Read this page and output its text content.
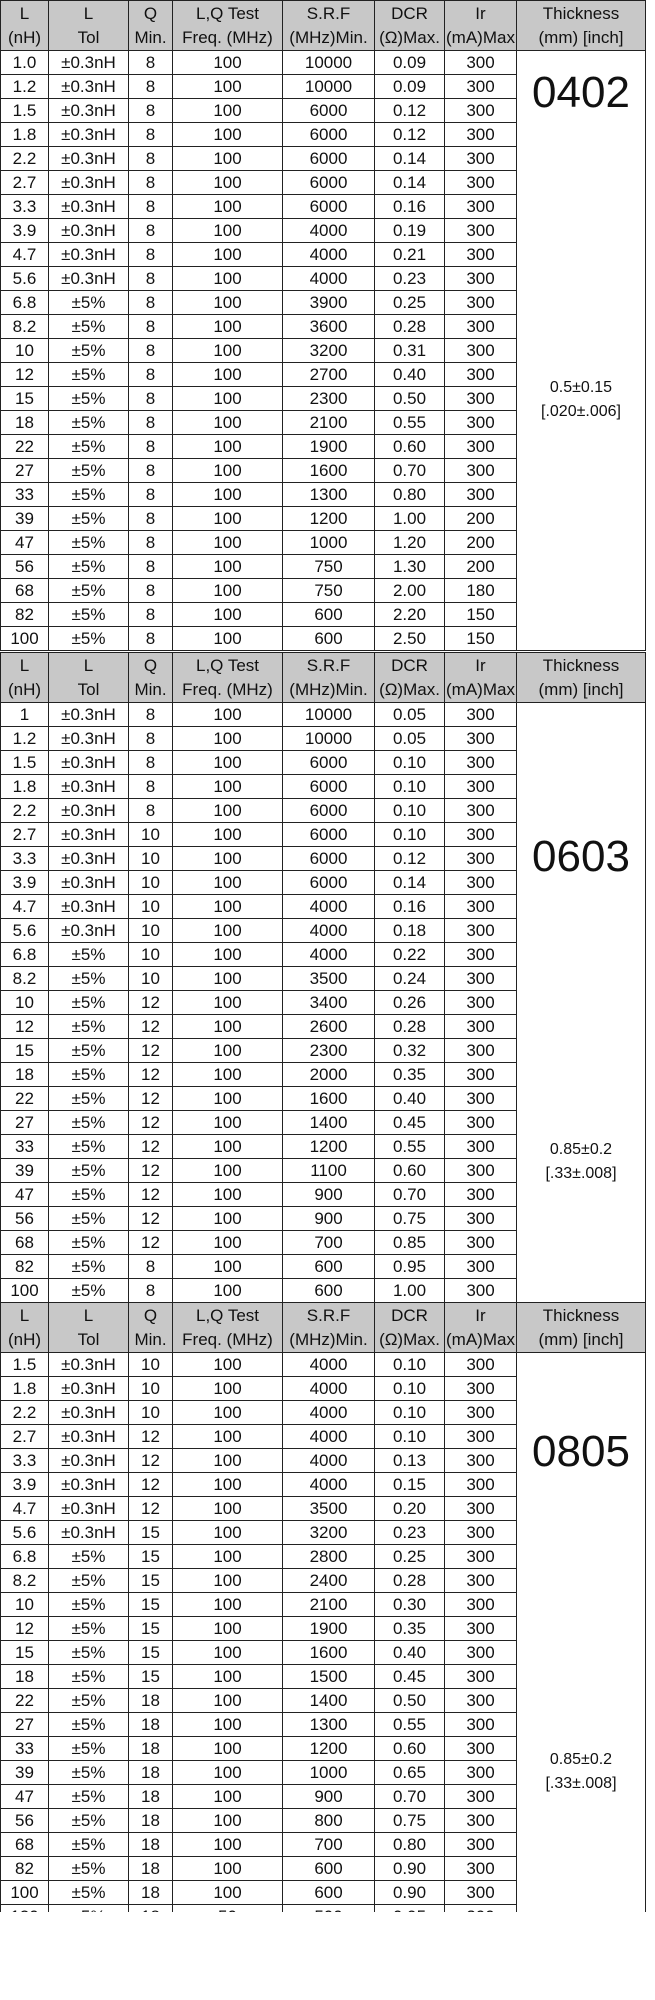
L	L	Q	L,Q Test	S.R.F	DCR	Ir	Thickness
(nH)	Tol	Min.	Freq. (MHz)	(MHz)Min.	(Ω)Max.	(mA)Max	(mm) [inch]
1.0	±0.3nH	8	100	10000	0.09	300	0402
0.5±0.15
[.020±.006]

1.2	±0.3nH	8	100	10000	0.09	300	
1.5	±0.3nH	8	100	6000	0.12	300	
1.8	±0.3nH	8	100	6000	0.12	300	
2.2	±0.3nH	8	100	6000	0.14	300	
2.7	±0.3nH	8	100	6000	0.14	300	
3.3	±0.3nH	8	100	6000	0.16	300	
3.9	±0.3nH	8	100	4000	0.19	300	
4.7	±0.3nH	8	100	4000	0.21	300	
5.6	±0.3nH	8	100	4000	0.23	300	
6.8	±5%	8	100	3900	0.25	300	
8.2	±5%	8	100	3600	0.28	300	
10	±5%	8	100	3200	0.31	300	
12	±5%	8	100	2700	0.40	300	
15	±5%	8	100	2300	0.50	300	
18	±5%	8	100	2100	0.55	300	
22	±5%	8	100	1900	0.60	300	
27	±5%	8	100	1600	0.70	300	
33	±5%	8	100	1300	0.80	300	
39	±5%	8	100	1200	1.00	200	
47	±5%	8	100	1000	1.20	200	
56	±5%	8	100	750	1.30	200	
68	±5%	8	100	750	2.00	180	
82	±5%	8	100	600	2.20	150	
100	±5%	8	100	600	2.50	150	
L	L	Q	L,Q Test	S.R.F	DCR	Ir	Thickness
(nH)	Tol	Min.	Freq. (MHz)	(MHz)Min.	(Ω)Max.	(mA)Max	(mm) [inch]
1	±0.3nH	8	100	10000	0.05	300	0603
0.85±0.2
[.33±.008]

1.2	±0.3nH	8	100	10000	0.05	300	
1.5	±0.3nH	8	100	6000	0.10	300	
1.8	±0.3nH	8	100	6000	0.10	300	
2.2	±0.3nH	8	100	6000	0.10	300	
2.7	±0.3nH	10	100	6000	0.10	300	
3.3	±0.3nH	10	100	6000	0.12	300	
3.9	±0.3nH	10	100	6000	0.14	300	
4.7	±0.3nH	10	100	4000	0.16	300	
5.6	±0.3nH	10	100	4000	0.18	300	
6.8	±5%	10	100	4000	0.22	300	
8.2	±5%	10	100	3500	0.24	300	
10	±5%	12	100	3400	0.26	300	
12	±5%	12	100	2600	0.28	300	
15	±5%	12	100	2300	0.32	300	
18	±5%	12	100	2000	0.35	300	
22	±5%	12	100	1600	0.40	300	
27	±5%	12	100	1400	0.45	300	
33	±5%	12	100	1200	0.55	300	
39	±5%	12	100	1100	0.60	300	
47	±5%	12	100	900	0.70	300	
56	±5%	12	100	900	0.75	300	
68	±5%	12	100	700	0.85	300	
82	±5%	8	100	600	0.95	300	
100	±5%	8	100	600	1.00	300	
L	L	Q	L,Q Test	S.R.F	DCR	Ir	Thickness
(nH)	Tol	Min.	Freq. (MHz)	(MHz)Min.	(Ω)Max.	(mA)Max	(mm) [inch]
1.5	±0.3nH	10	100	4000	0.10	300	0805
0.85±0.2
[.33±.008]

1.8	±0.3nH	10	100	4000	0.10	300	
2.2	±0.3nH	10	100	4000	0.10	300	
2.7	±0.3nH	12	100	4000	0.10	300	
3.3	±0.3nH	12	100	4000	0.13	300	
3.9	±0.3nH	12	100	4000	0.15	300	
4.7	±0.3nH	12	100	3500	0.20	300	
5.6	±0.3nH	15	100	3200	0.23	300	
6.8	±5%	15	100	2800	0.25	300	
8.2	±5%	15	100	2400	0.28	300	
10	±5%	15	100	2100	0.30	300	
12	±5%	15	100	1900	0.35	300	
15	±5%	15	100	1600	0.40	300	
18	±5%	15	100	1500	0.45	300	
22	±5%	18	100	1400	0.50	300	
27	±5%	18	100	1300	0.55	300	
33	±5%	18	100	1200	0.60	300	
39	±5%	18	100	1000	0.65	300	
47	±5%	18	100	900	0.70	300	
56	±5%	18	100	800	0.75	300	
68	±5%	18	100	700	0.80	300	
82	±5%	18	100	600	0.90	300	
100	±5%	18	100	600	0.90	300	
